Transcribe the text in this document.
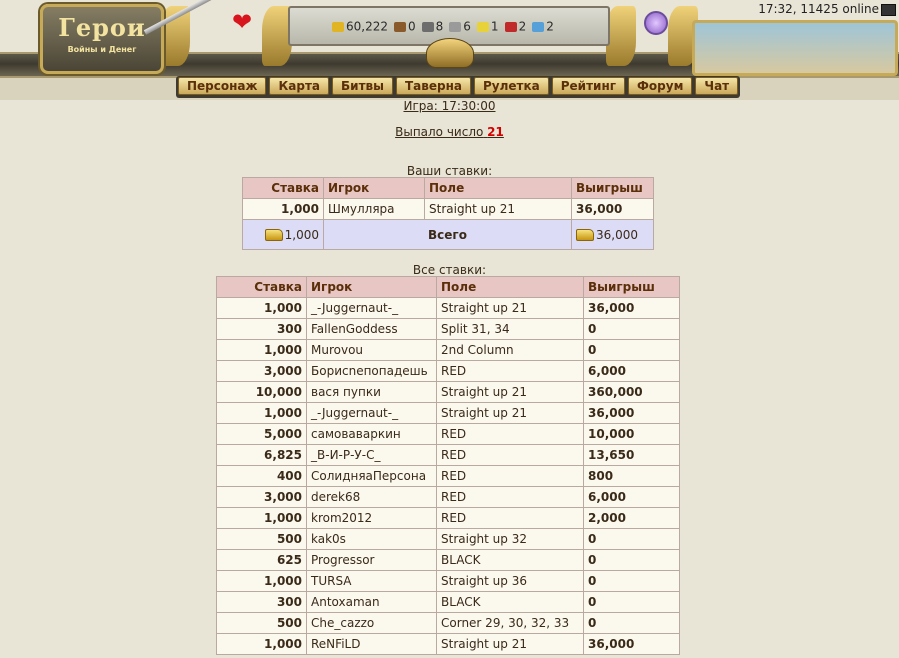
Герои
Войны и Денег
❤	60,222 0 8 6 1 2 2
17:32, 11425 online
Персонаж Карта Битвы Таверна Рулетка Рейтинг Форум Чат
Игра: 17:30:00
Выпало число 21
Ваши ставки:
Ставка	Игрок	Поле	Выигрыш
1,000	Шмулляра	Straight up 21	36,000
1,000	Всего		36,000
Все ставки:
Ставка	Игрок	Поле	Выигрыш
1,000	_-Juggernaut-_	Straight up 21	36,000
300	FallenGoddess	Split 31, 34	0
1,000	Murovou	2nd Column	0
3,000	Борисnепопадешь	RED	6,000
10,000	вася пупки	Straight up 21	360,000
1,000	_-Juggernaut-_	Straight up 21	36,000
5,000	самоваваркин	RED	10,000
6,825	_В-И-Р-У-С_	RED	13,650
400	СолидняаПерсона	RED	800
3,000	derek68	RED	6,000
1,000	krom2012	RED	2,000
500	kak0s	Straight up 32	0
625	Progressor	BLACK	0
1,000	TURSA	Straight up 36	0
300	Antoxaman	BLACK	0
500	Che_cazzo	Corner 29, 30, 32, 33	0
1,000	ReNFiLD	Straight up 21	36,000
